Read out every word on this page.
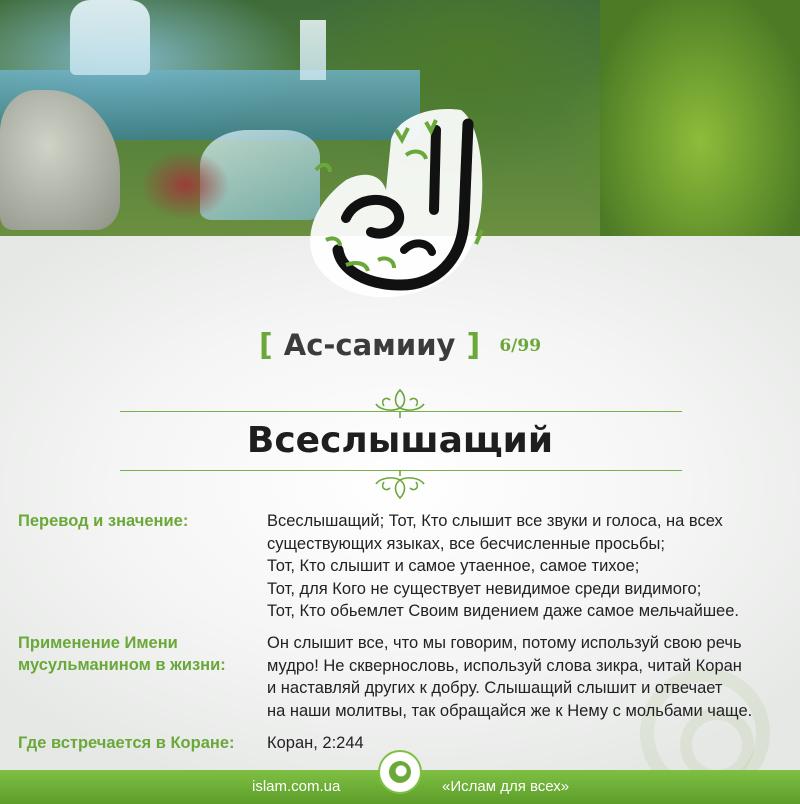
[ Ас-самииу ] 6/99
Всеслышащий
Перевод и значение:	Всеслышащий; Тот, Кто слышит все звуки и голоса, на всех
существующих языках, все бесчисленные просьбы;
Тот, Кто слышит и самое утаенное, самое тихое;
Тот, для Кого не существует невидимое среди видимого;
Тот, Кто обьемлет Своим видением даже самое мельчайшее.
Применение Имени
мусульманином в жизни:
Он слышит все, что мы говорим, потому используй свою речь
мудро! Не сквернословь, используй слова зикра, читай Коран
и наставляй других к добру. Слышащий слышит и отвечает
на наши молитвы, так обращайся же к Нему с мольбами чаще.
Где встречается в Коране: Коран, 2:244
islam.com.ua	«Ислам для всех»
